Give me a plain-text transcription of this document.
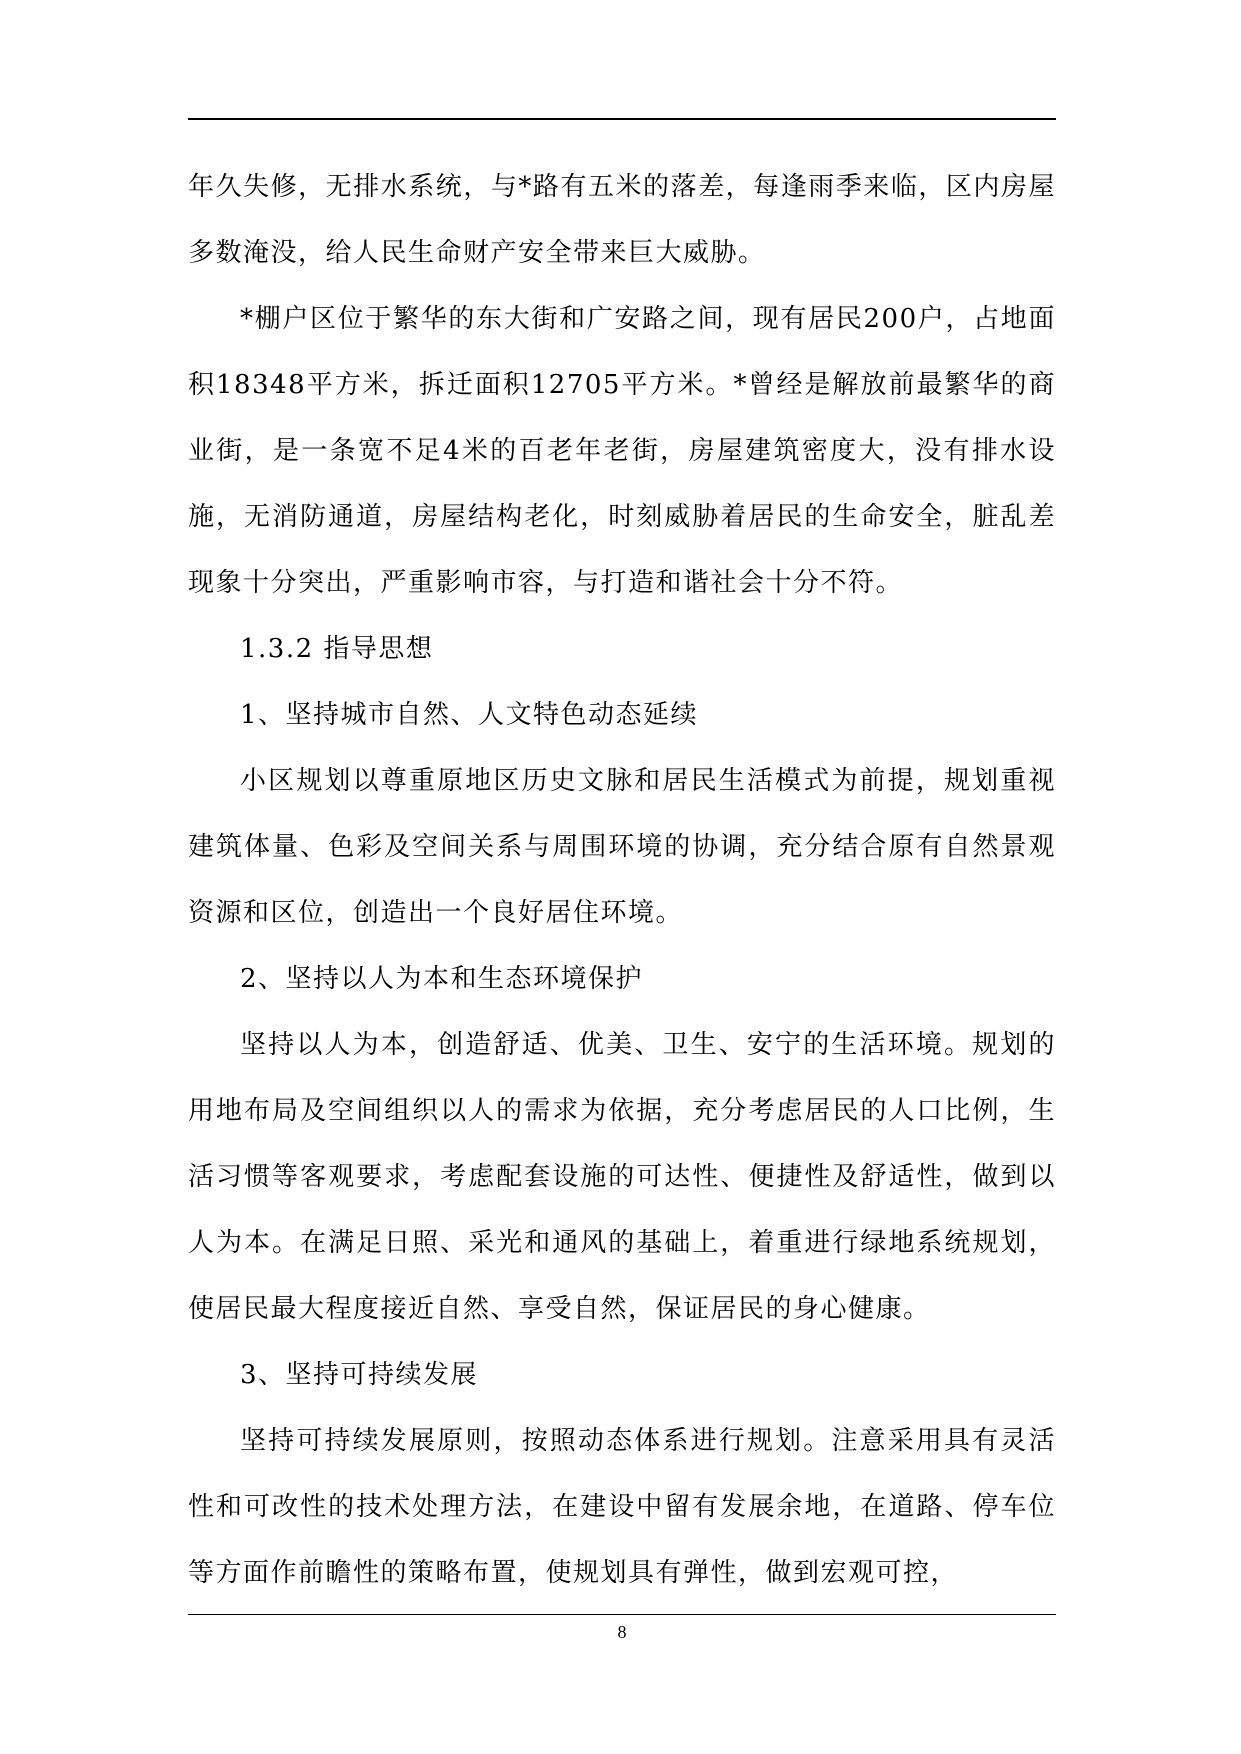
年久失修，无排水系统，与*路有五米的落差，每逢雨季来临，区内房屋多数淹没，给人民生命财产安全带来巨大威胁。

*棚户区位于繁华的东大街和广安路之间，现有居民200户，占地面积18348平方米，拆迁面积12705平方米。*曾经是解放前最繁华的商业街，是一条宽不足4米的百老年老街，房屋建筑密度大，没有排水设施，无消防通道，房屋结构老化，时刻威胁着居民的生命安全，脏乱差现象十分突出，严重影响市容，与打造和谐社会十分不符。

1.3.2 指导思想

1、坚持城市自然、人文特色动态延续

小区规划以尊重原地区历史文脉和居民生活模式为前提，规划重视建筑体量、色彩及空间关系与周围环境的协调，充分结合原有自然景观资源和区位，创造出一个良好居住环境。

2、坚持以人为本和生态环境保护

坚持以人为本，创造舒适、优美、卫生、安宁的生活环境。规划的用地布局及空间组织以人的需求为依据，充分考虑居民的人口比例，生活习惯等客观要求，考虑配套设施的可达性、便捷性及舒适性，做到以人为本。在满足日照、采光和通风的基础上，着重进行绿地系统规划，使居民最大程度接近自然、享受自然，保证居民的身心健康。

3、坚持可持续发展

坚持可持续发展原则，按照动态体系进行规划。注意采用具有灵活性和可改性的技术处理方法，在建设中留有发展余地，在道路、停车位等方面作前瞻性的策略布置，使规划具有弹性，做到宏观可控，

8
